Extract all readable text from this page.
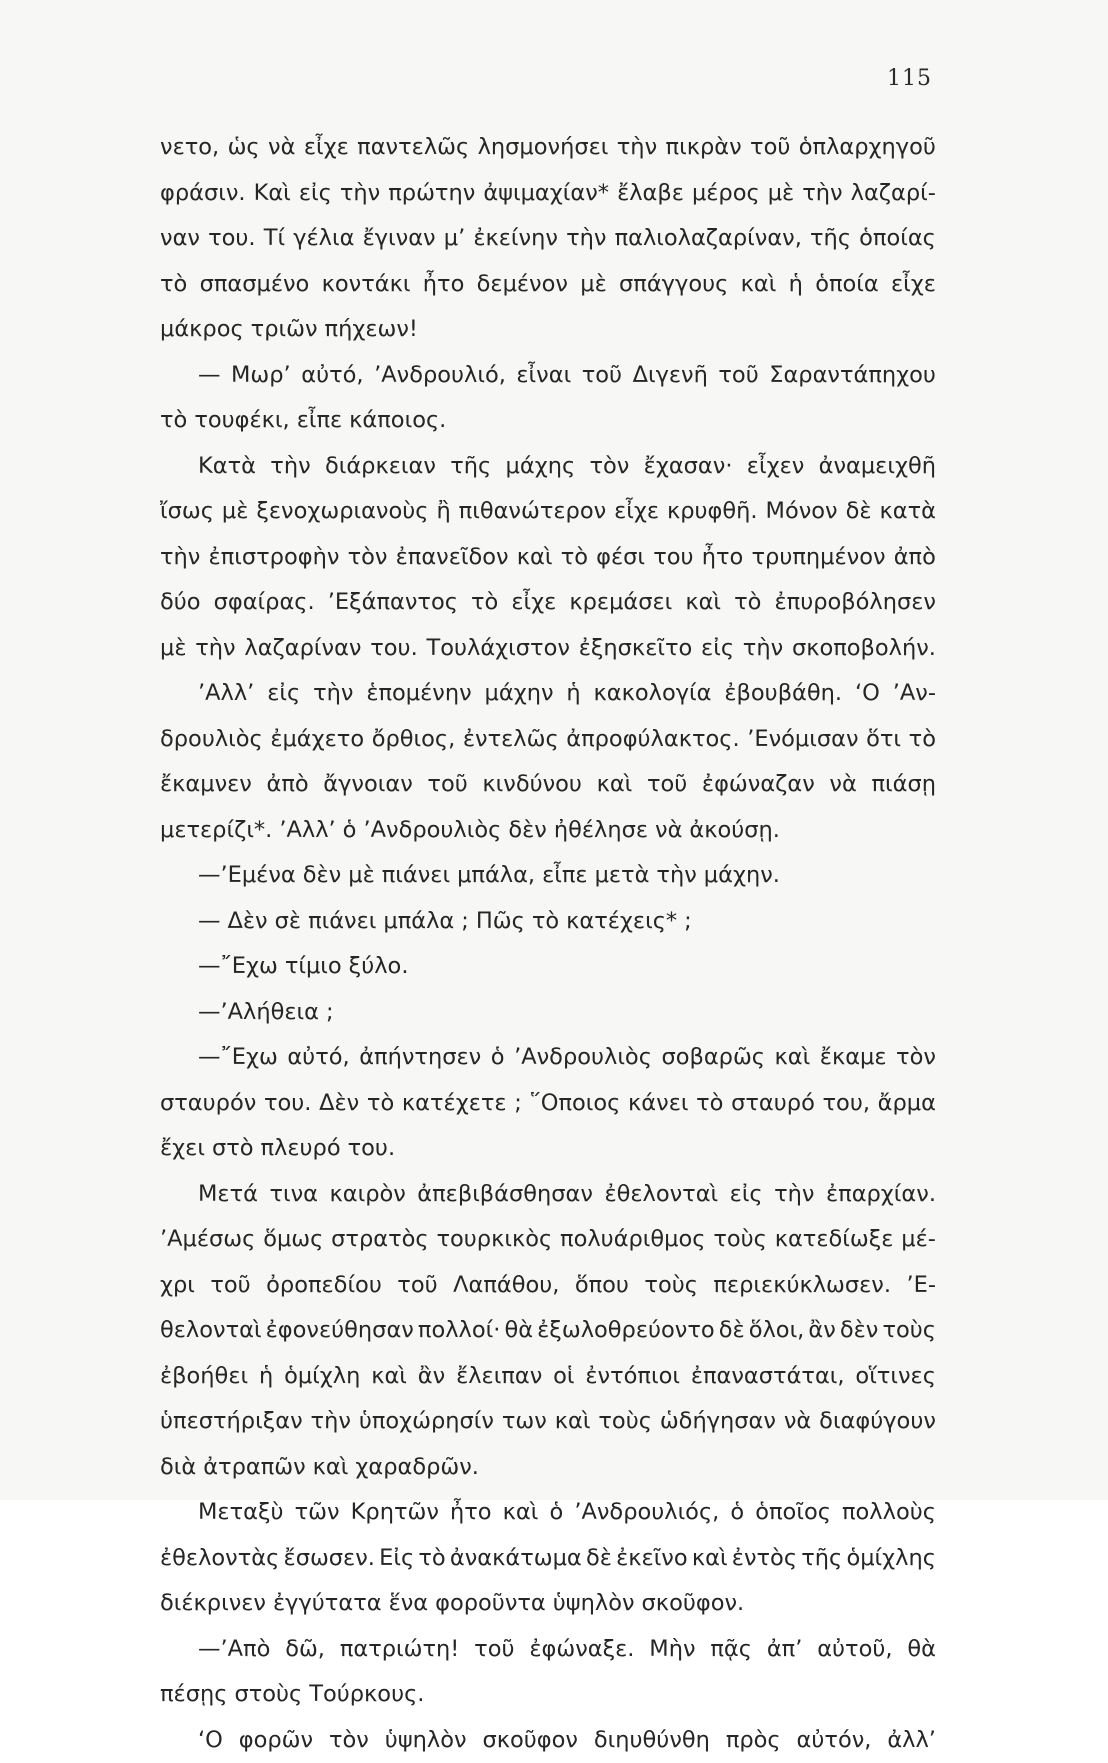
115
νετο, ὡς νὰ εἶχε παντελῶς λησμονήσει τὴν πικρὰν τοῦ ὁπλαρχηγοῦ
φράσιν. Καὶ εἰς τὴν πρώτην ἀψιμαχίαν* ἔλαβε μέρος μὲ τὴν λαζαρί-
ναν του. Τί γέλια ἔγιναν μ’ ἐκείνην τὴν παλιολαζαρίναν, τῆς ὁποίας
τὸ σπασμένο κοντάκι ἦτο δεμένον μὲ σπάγγους καὶ ἡ ὁποία εἶχε
μάκρος τριῶν πήχεων!
— Μωρ’ αὐτό, ’Ανδρουλιό, εἶναι τοῦ Διγενῆ τοῦ Σαραντάπηχου
τὸ τουφέκι, εἶπε κάποιος.
Κατὰ τὴν διάρκειαν τῆς μάχης τὸν ἔχασαν· εἶχεν ἀναμειχθῆ
ἴσως μὲ ξενοχωριανοὺς ἢ πιθανώτερον εἶχε κρυφθῆ. Μόνον δὲ κατὰ
τὴν ἐπιστροφὴν τὸν ἐπανεῖδον καὶ τὸ φέσι του ἦτο τρυπημένον ἀπὸ
δύο σφαίρας. ’Εξάπαντος τὸ εἶχε κρεμάσει καὶ τὸ ἐπυροβόλησεν
μὲ τὴν λαζαρίναν του. Τουλάχιστον ἐξησκεῖτο εἰς τὴν σκοποβολήν.
’Αλλ’ εἰς τὴν ἑπομένην μάχην ἡ κακολογία ἐβουβάθη. ‘Ο ’Αν-
δρουλιὸς ἐμάχετο ὄρθιος, ἐντελῶς ἀπροφύλακτος. ’Ενόμισαν ὅτι τὸ
ἔκαμνεν ἀπὸ ἄγνοιαν τοῦ κινδύνου καὶ τοῦ ἐφώναζαν νὰ πιάσῃ
μετερίζι*. ’Αλλ’ ὁ ’Ανδρουλιὸς δὲν ἠθέλησε νὰ ἀκούσῃ.
—’Εμένα δὲν μὲ πιάνει μπάλα, εἶπε μετὰ τὴν μάχην.
— Δὲν σὲ πιάνει μπάλα ; Πῶς τὸ κατέχεις* ;
—῎Εχω τίμιο ξύλο.
—’Αλήθεια ;
—῎Εχω αὐτό, ἀπήντησεν ὁ ’Ανδρουλιὸς σοβαρῶς καὶ ἔκαμε τὸν
σταυρόν του. Δὲν τὸ κατέχετε ; ῞Οποιος κάνει τὸ σταυρό του, ἄρμα
ἔχει στὸ πλευρό του.
Μετά τινα καιρὸν ἀπεβιβάσθησαν ἐθελονταὶ εἰς τὴν ἐπαρχίαν.
’Αμέσως ὅμως στρατὸς τουρκικὸς πολυάριθμος τοὺς κατεδίωξε μέ-
χρι τοῦ ὀροπεδίου τοῦ Λαπάθου, ὅπου τοὺς περιεκύκλωσεν. ’Ε-
θελονταὶ ἐφονεύθησαν πολλοί· θὰ ἐξωλοθρεύοντο δὲ ὅλοι, ἂν δὲν τοὺς
ἐβοήθει ἡ ὁμίχλη καὶ ἂν ἔλειπαν οἱ ἐντόπιοι ἐπαναστάται, οἵτινες
ὑπεστήριξαν τὴν ὑποχώρησίν των καὶ τοὺς ὡδήγησαν νὰ διαφύγουν
διὰ ἀτραπῶν καὶ χαραδρῶν.
Μεταξὺ τῶν Κρητῶν ἦτο καὶ ὁ ’Ανδρουλιός, ὁ ὁποῖος πολλοὺς
ἐθελοντὰς ἔσωσεν. Εἰς τὸ ἀνακάτωμα δὲ ἐκεῖνο καὶ ἐντὸς τῆς ὁμίχλης
διέκρινεν ἐγγύτατα ἕνα φοροῦντα ὑψηλὸν σκοῦφον.
—’Απὸ δῶ, πατριώτη! τοῦ ἐφώναξε. Μὴν πᾷς ἀπ’ αὐτοῦ, θὰ
πέσῃς στοὺς Τούρκους.
‘Ο φορῶν τὸν ὑψηλὸν σκοῦφον διηυθύνθη πρὸς αὐτόν, ἀλλ’
